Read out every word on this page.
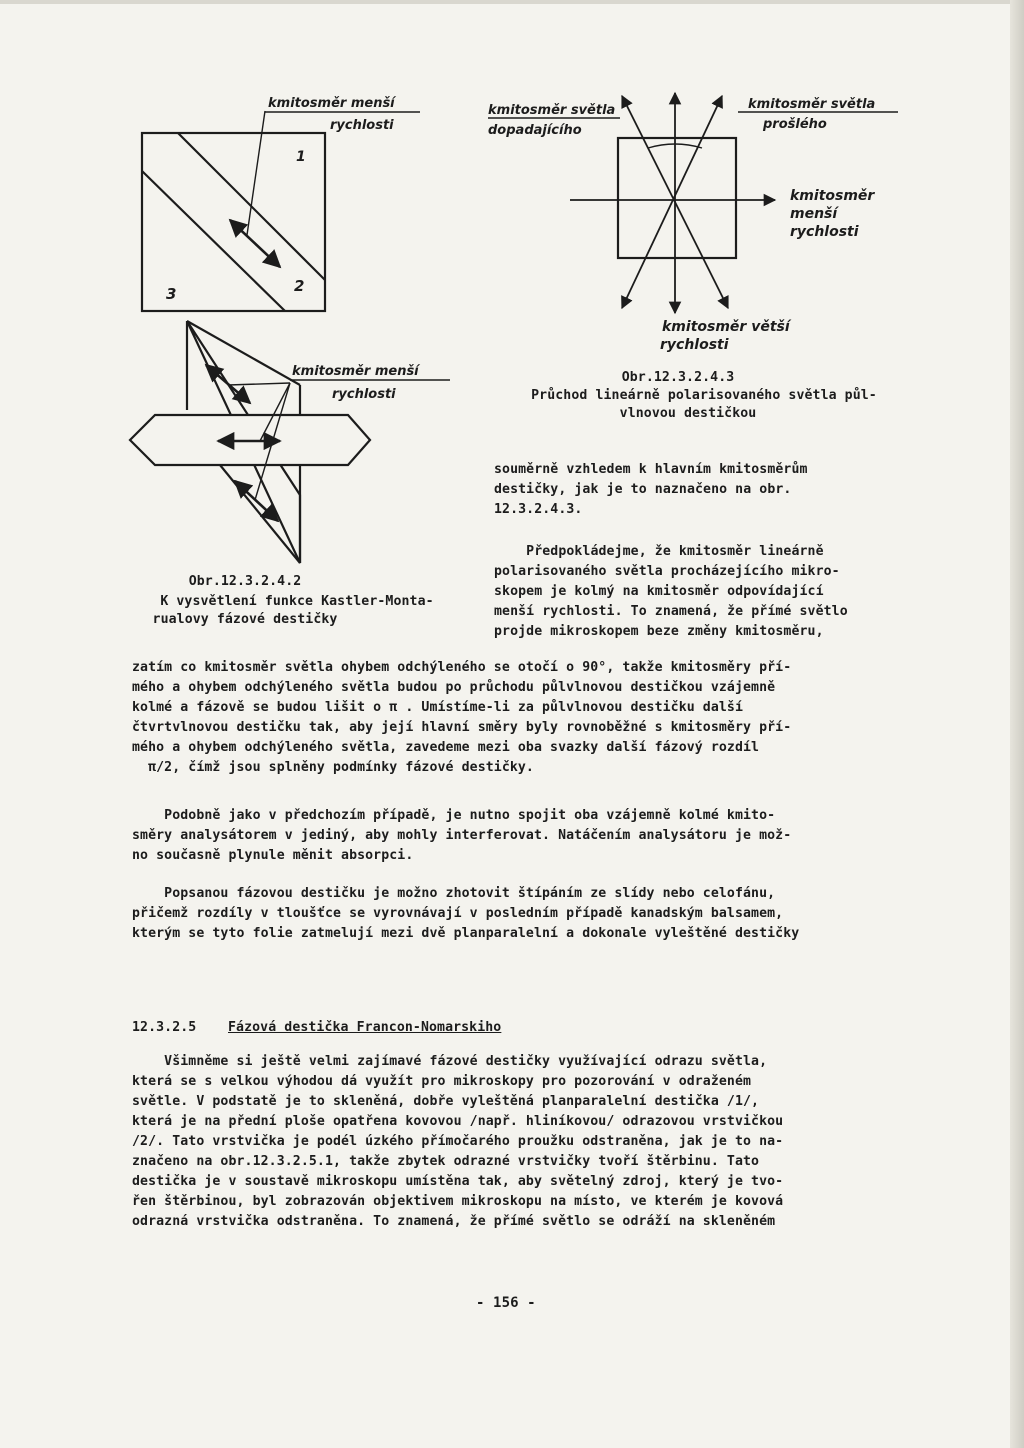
kmitosměr menší
rychlosti
1
2
3
kmitosměr menší
rychlosti
Obr.12.3.2.4.2
K vysvětlení funkce Kastler-Monta-
rualovy fázové destičky
kmitosměr světla
dopadajícího
kmitosměr světla
prošlého
kmitosměr
menší
rychlosti
kmitosměr větší
rychlosti
Obr.12.3.2.4.3
Průchod lineárně polarisovaného světla půl-
vlnovou destičkou
souměrně vzhledem k hlavním kmitosměrům
destičky, jak je to naznačeno na obr.
12.3.2.4.3.
Předpokládejme, že kmitosměr lineárně
polarisovaného světla procházejícího mikro-
skopem je kolmý na kmitosměr odpovídající
menší rychlosti. To znamená, že přímé světlo
projde mikroskopem beze změny kmitosměru,
zatím co kmitosměr světla ohybem odchýleného se otočí o 90°, takže kmitosměry pří-
mého a ohybem odchýleného světla budou po průchodu půlvlnovou destičkou vzájemně
kolmé a fázově se budou lišit o π . Umístíme-li za půlvlnovou destičku další
čtvrtvlnovou destičku tak, aby její hlavní směry byly rovnoběžné s kmitosměry pří-
mého a ohybem odchýleného světla, zavedeme mezi oba svazky další fázový rozdíl
π/2, čímž jsou splněny podmínky fázové destičky.
Podobně jako v předchozím případě, je nutno spojit oba vzájemně kolmé kmito-
směry analysátorem v jediný, aby mohly interferovat. Natáčením analysátoru je mož-
no současně plynule měnit absorpci.
Popsanou fázovou destičku je možno zhotovit štípáním ze slídy nebo celofánu,
přičemž rozdíly v tloušťce se vyrovnávají v posledním případě kanadským balsamem,
kterým se tyto folie zatmelují mezi dvě planparalelní a dokonale vyleštěné destičky
12.3.2.5 Fázová destička Francon-Nomarskiho
Všimněme si ještě velmi zajímavé fázové destičky využívající odrazu světla,
která se s velkou výhodou dá využít pro mikroskopy pro pozorování v odraženém
světle. V podstatě je to skleněná, dobře vyleštěná planparalelní destička /1/,
která je na přední ploše opatřena kovovou /např. hliníkovou/ odrazovou vrstvičkou
/2/. Tato vrstvička je podél úzkého přímočarého proužku odstraněna, jak je to na-
značeno na obr.12.3.2.5.1, takže zbytek odrazné vrstvičky tvoří štěrbinu. Tato
destička je v soustavě mikroskopu umístěna tak, aby světelný zdroj, který je tvo-
řen štěrbinou, byl zobrazován objektivem mikroskopu na místo, ve kterém je kovová
odrazná vrstvička odstraněna. To znamená, že přímé světlo se odráží na skleněném
- 156 -
